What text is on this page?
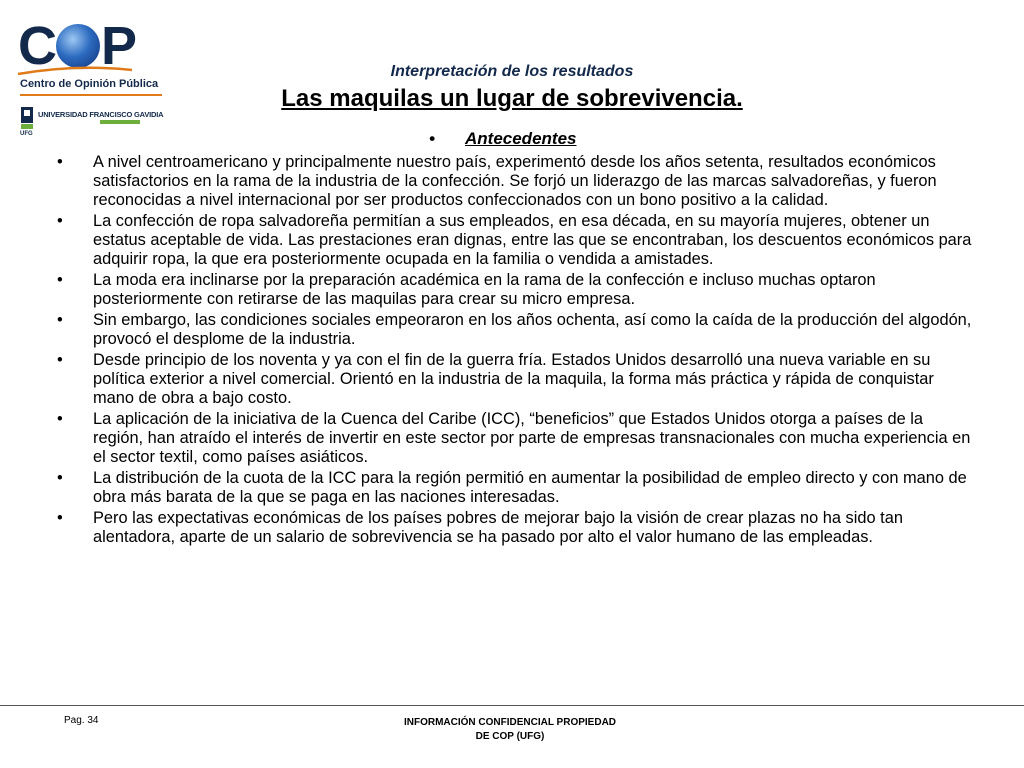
C P
Centro de Opinión Pública
UNIVERSIDAD FRANCISCO GAVIDIA
UFG
Interpretación de los resultados
Las maquilas un lugar de sobrevivencia.
• Antecedentes
• A nivel centroamericano y principalmente nuestro país, experimentó desde los años setenta, resultados económicos satisfactorios en la rama de la industria de la confección. Se forjó un liderazgo de las marcas salvadoreñas, y fueron reconocidas a nivel internacional por ser productos confeccionados con un bono positivo a la calidad.
• La confección de ropa salvadoreña permitían a sus empleados, en esa década, en su mayoría mujeres, obtener un estatus aceptable de vida. Las prestaciones eran dignas, entre las que se encontraban, los descuentos económicos para adquirir ropa, la que era posteriormente ocupada en la familia o vendida a amistades.
• La moda era inclinarse por la preparación académica en la rama de la confección e incluso muchas optaron posteriormente con retirarse de las maquilas para crear su micro empresa.
• Sin embargo, las condiciones sociales empeoraron en los años ochenta, así como la caída de la producción del algodón, provocó el desplome de la industria.
• Desde principio de los noventa y ya con el fin de la guerra fría. Estados Unidos desarrolló una nueva variable en su política exterior a nivel comercial. Orientó en la industria de la maquila, la forma más práctica y rápida de conquistar mano de obra a bajo costo.
• La aplicación de la iniciativa de la Cuenca del Caribe (ICC), “beneficios” que Estados Unidos otorga a países de la región, han atraído el interés de invertir en este sector por parte de empresas transnacionales con mucha experiencia en el sector textil, como países asiáticos.
• La distribución de la cuota de la ICC para la región permitió en aumentar la posibilidad de empleo directo y con mano de obra más barata de la que se paga en las naciones interesadas.
• Pero las expectativas económicas de los países pobres de mejorar bajo la visión de crear plazas no ha sido tan alentadora, aparte de un salario de sobrevivencia se ha pasado por alto el valor humano de las empleadas.
Pag. 34	INFORMACIÓN CONFIDENCIAL PROPIEDAD
DE COP (UFG)
